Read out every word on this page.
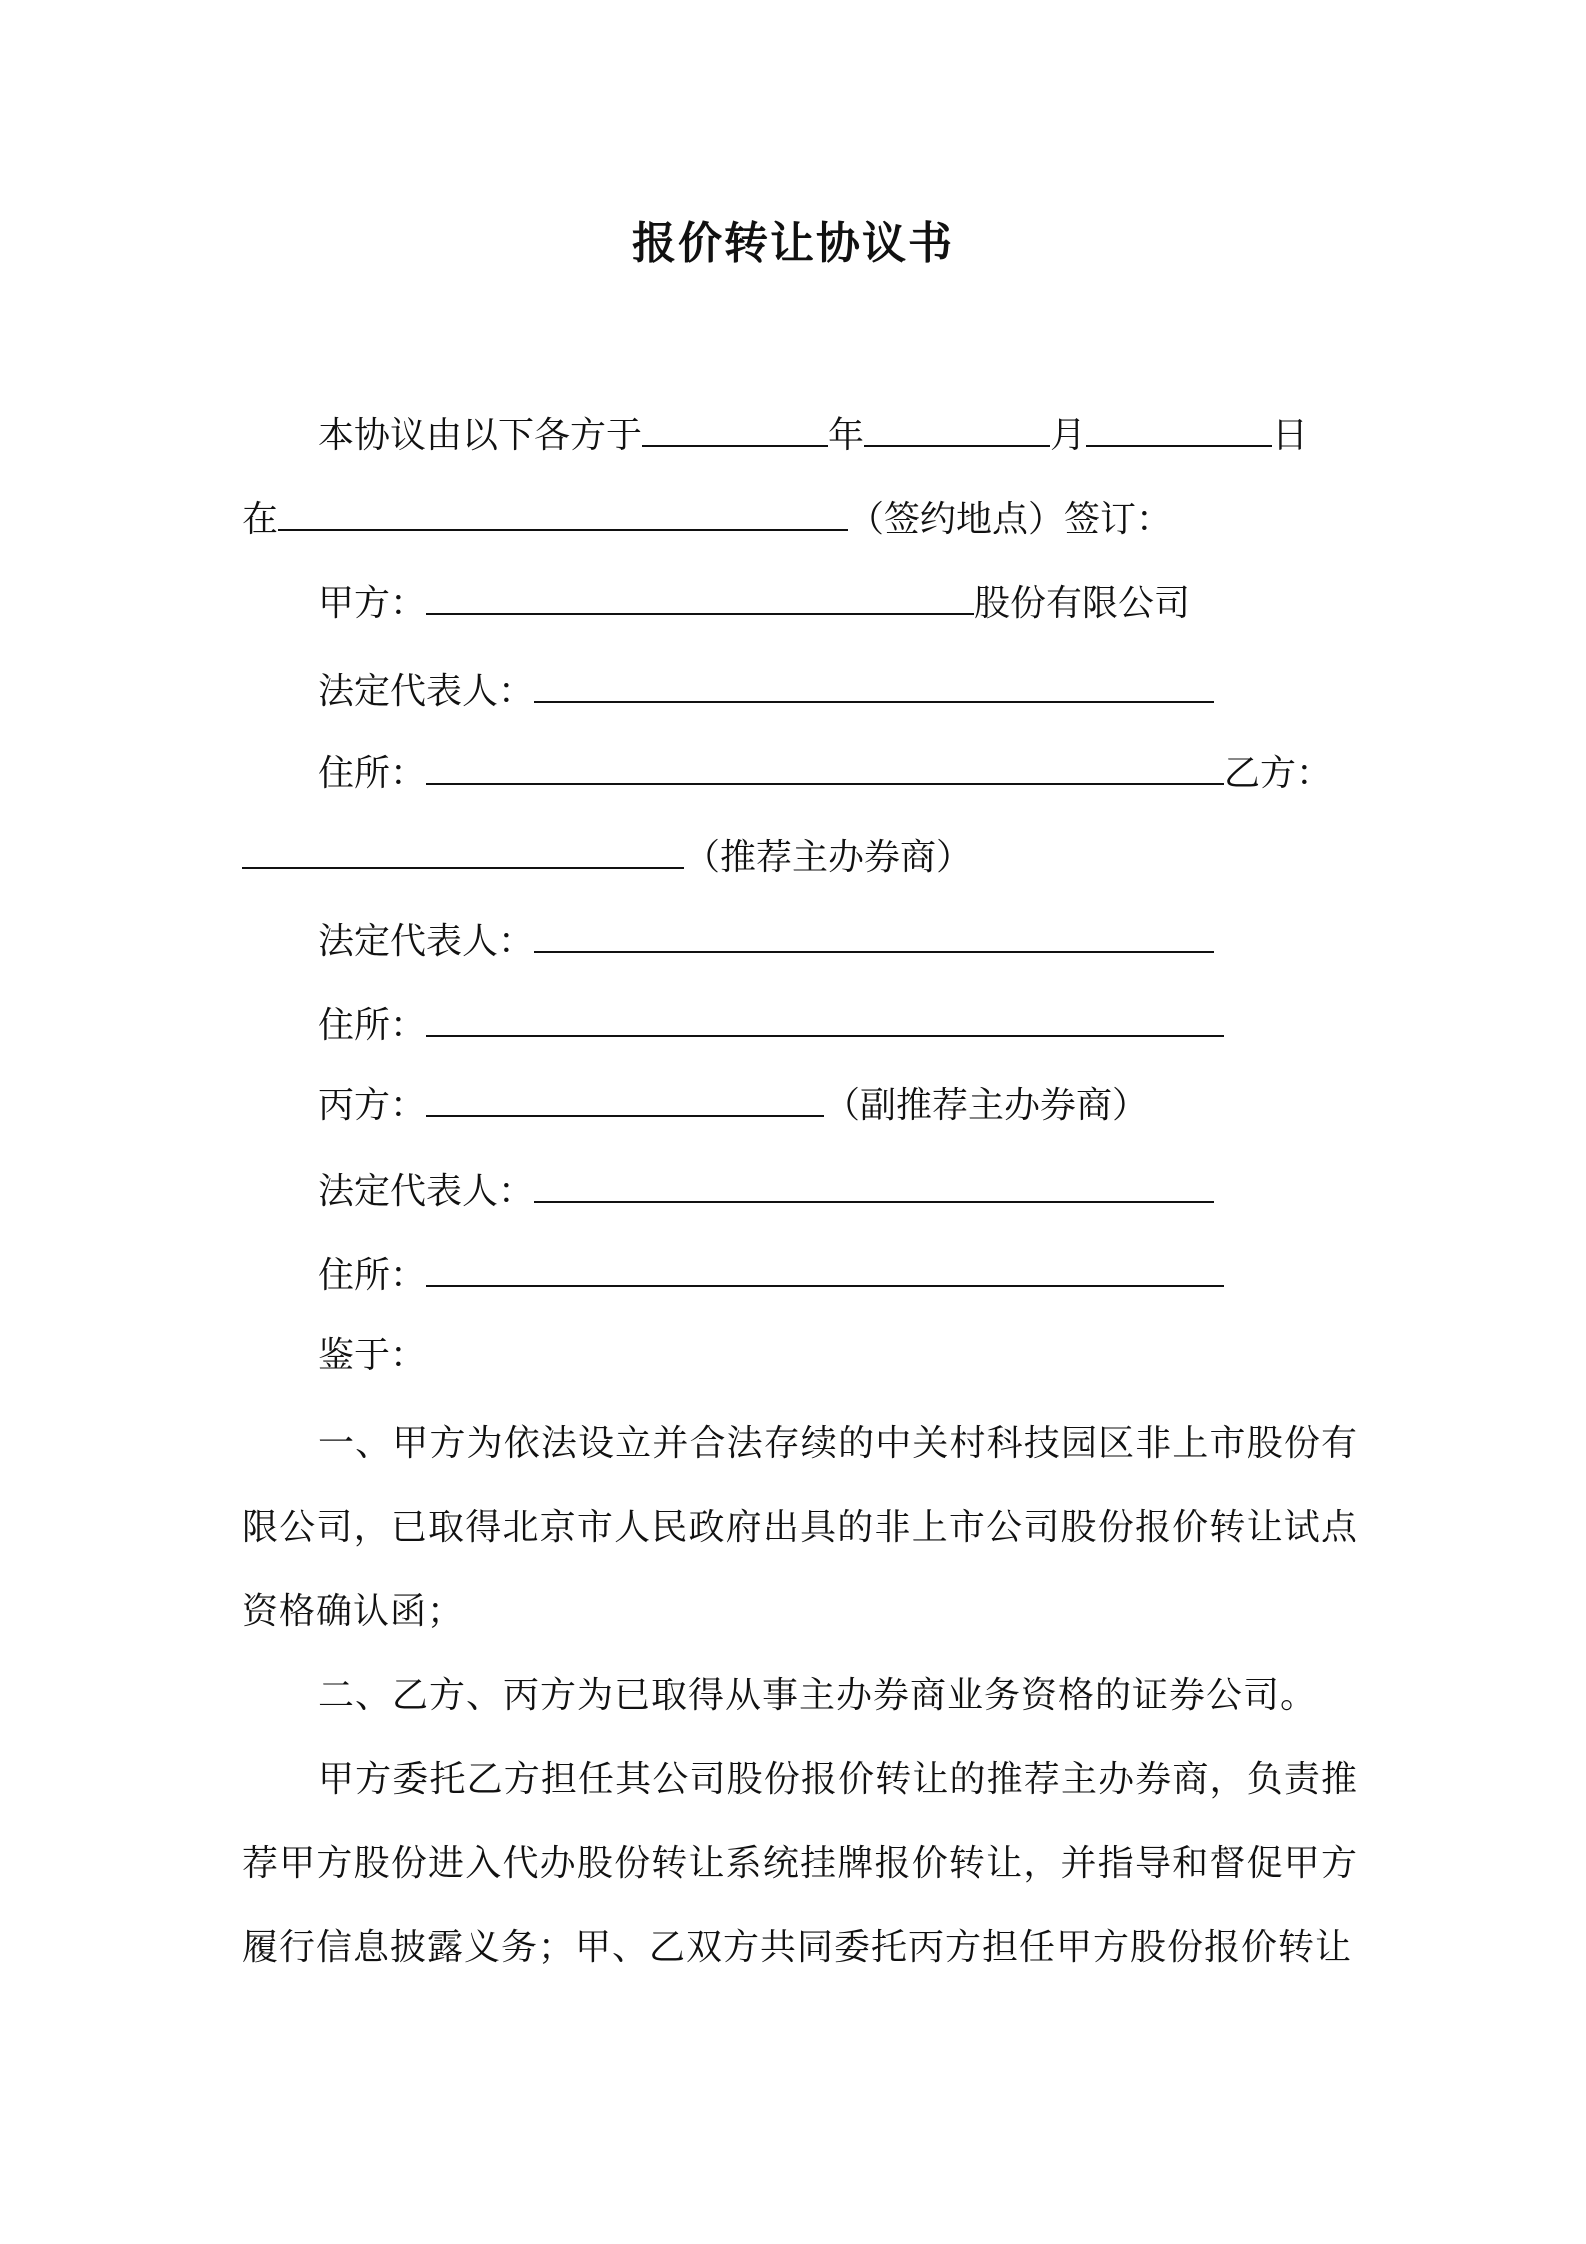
报价转让协议书
本协议由以下各方于	年	月	日
在	（签约地点）签订：
甲方：	股份有限公司
法定代表人：
住所：	乙方：
（推荐主办券商）
法定代表人：
住所：
丙方：	（副推荐主办券商）
法定代表人：
住所：
鉴于：
一、甲方为依法设立并合法存续的中关村科技园区非上市股份有限公司，已取得北京市人民政府出具的非上市公司股份报价转让试点资格确认函；
二、乙方、丙方为已取得从事主办券商业务资格的证券公司。
甲方委托乙方担任其公司股份报价转让的推荐主办券商，负责推荐甲方股份进入代办股份转让系统挂牌报价转让，并指导和督促甲方履行信息披露义务；甲、乙双方共同委托丙方担任甲方股份报价转让
